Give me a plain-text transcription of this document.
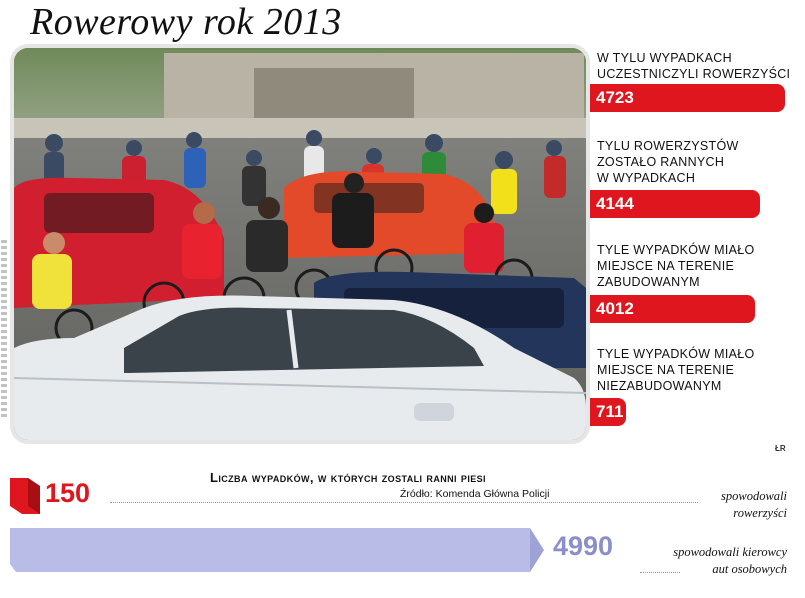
Rowerowy rok 2013
W TYLU WYPADKACH
UCZESTNICZYLI ROWERZYŚCI
4723
TYLU ROWERZYSTÓW
ZOSTAŁO RANNYCH
W WYPADKACH
4144
TYLE WYPADKÓW MIAŁO
MIEJSCE NA TERENIE
ZABUDOWANYM
4012
TYLE WYPADKÓW MIAŁO
MIEJSCE NA TERENIE
NIEZABUDOWANYM
711
ŁR
Liczba wypadków, w których zostali ranni piesi
Źródło: Komenda Główna Policji
150
4990
spowodowali
rowerzyści
spowodowali kierowcy
aut osobowych
